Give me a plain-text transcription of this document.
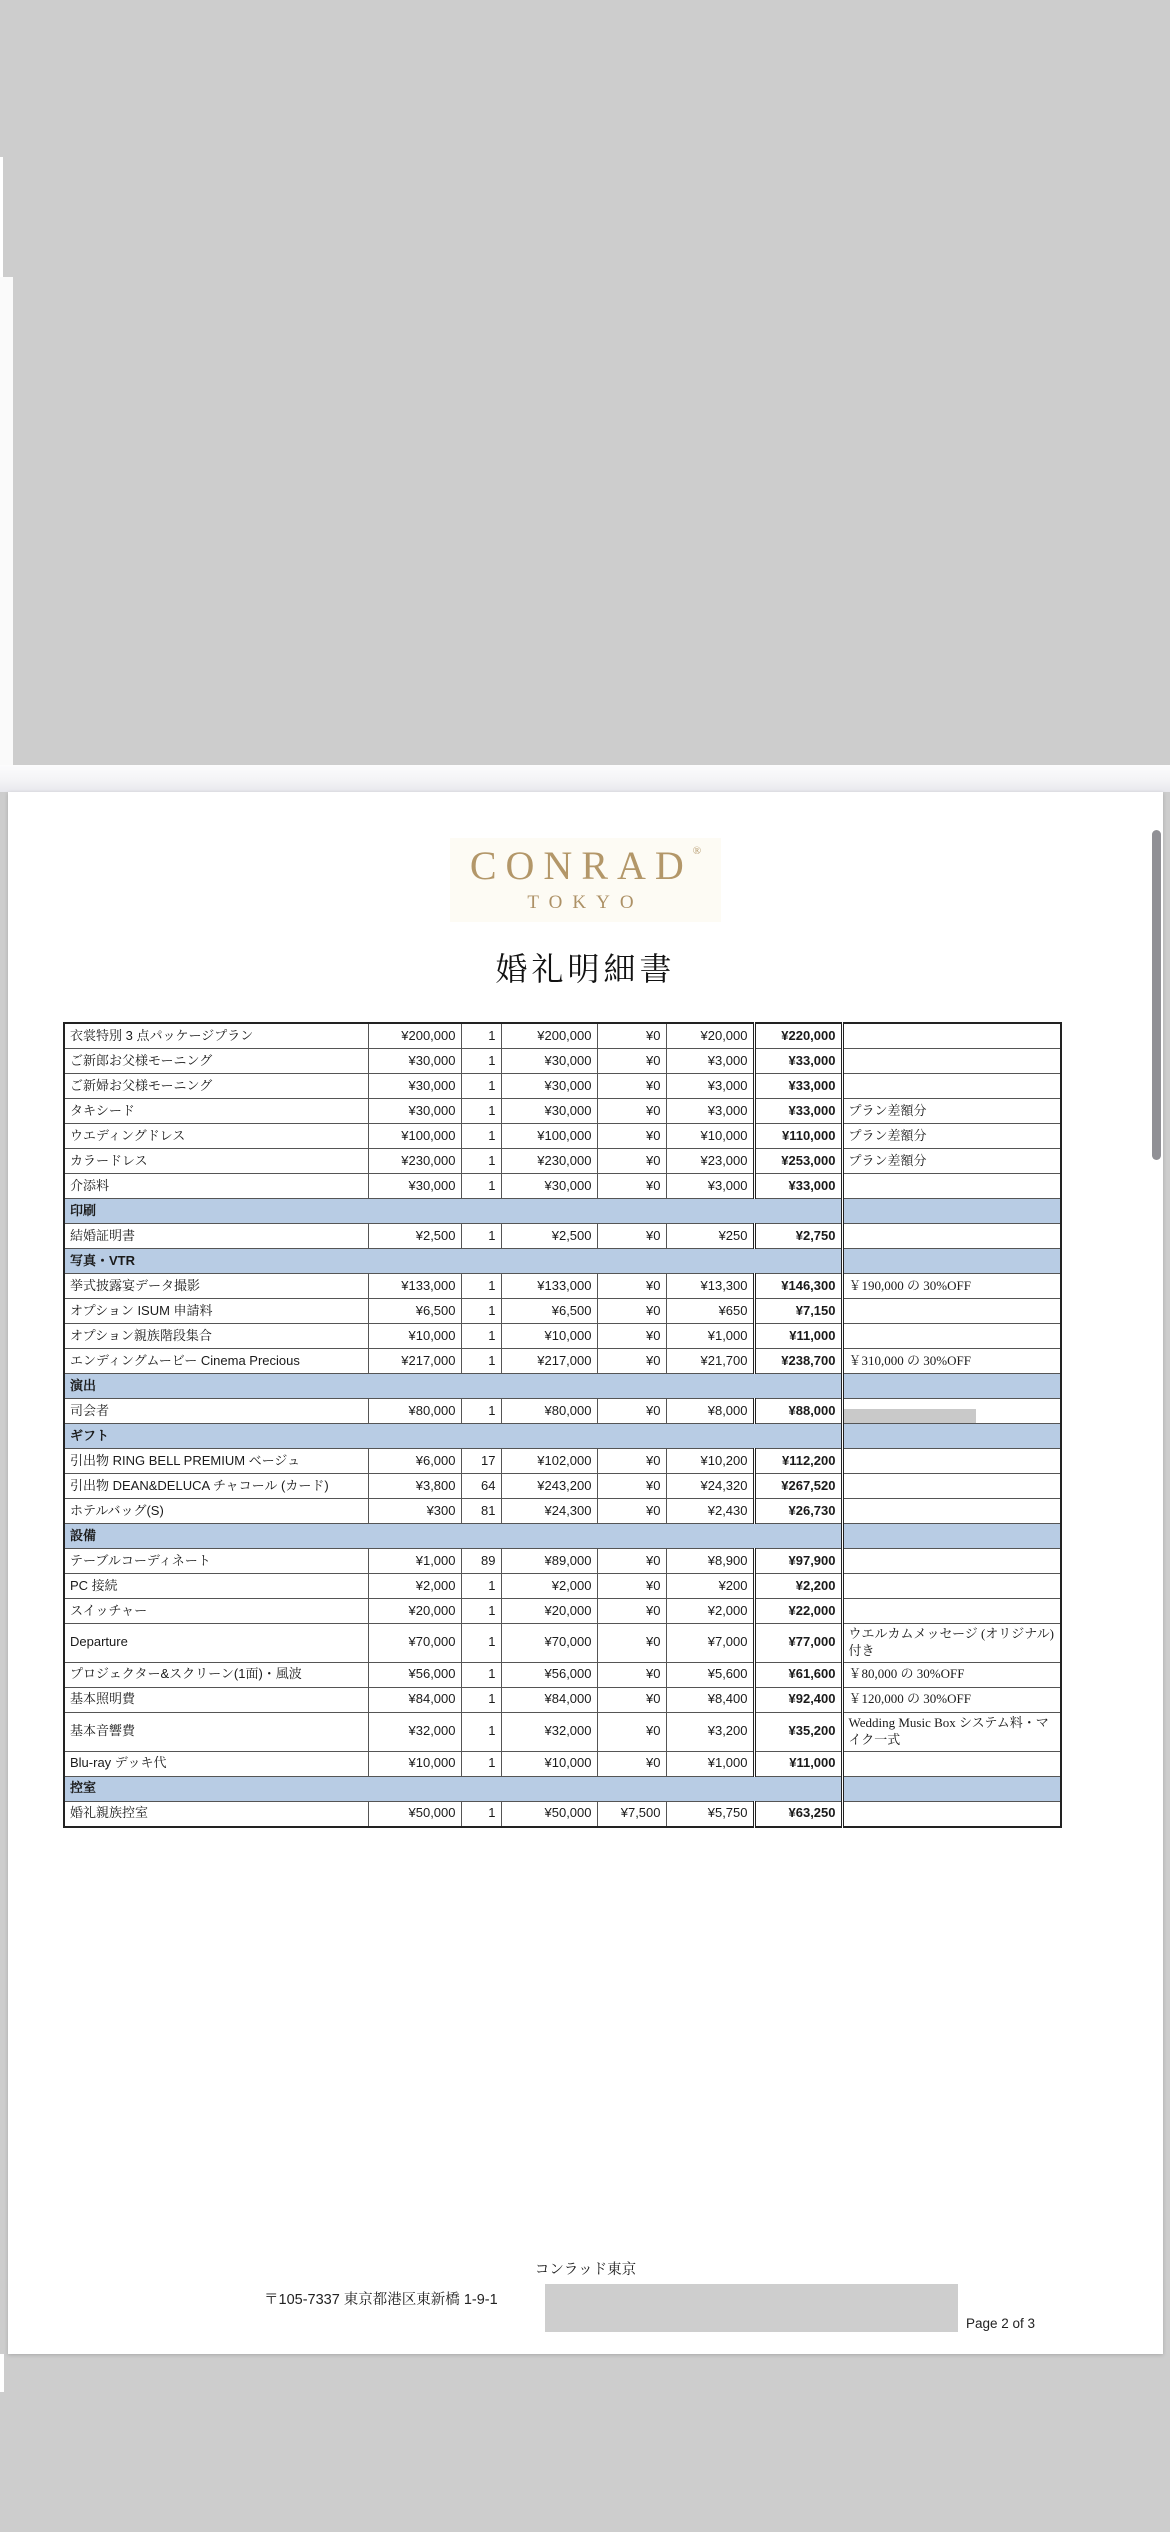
CONRAD®
TOKYO
婚礼明細書
衣裳特別 3 点パッケージプラン	¥200,000	1	¥200,000	¥0	¥20,000	¥220,000	
ご新郎お父様モーニング	¥30,000	1	¥30,000	¥0	¥3,000	¥33,000	
ご新婦お父様モーニング	¥30,000	1	¥30,000	¥0	¥3,000	¥33,000	
タキシード	¥30,000	1	¥30,000	¥0	¥3,000	¥33,000	プラン差額分
ウエディングドレス	¥100,000	1	¥100,000	¥0	¥10,000	¥110,000	プラン差額分
カラードレス	¥230,000	1	¥230,000	¥0	¥23,000	¥253,000	プラン差額分
介添料	¥30,000	1	¥30,000	¥0	¥3,000	¥33,000	
印刷							
結婚証明書	¥2,500	1	¥2,500	¥0	¥250	¥2,750	
写真・VTR							
挙式披露宴データ撮影	¥133,000	1	¥133,000	¥0	¥13,300	¥146,300	￥190,000 の 30%OFF
オプション ISUM 申請料	¥6,500	1	¥6,500	¥0	¥650	¥7,150	
オプション親族階段集合	¥10,000	1	¥10,000	¥0	¥1,000	¥11,000	
エンディングムービー Cinema Precious	¥217,000	1	¥217,000	¥0	¥21,700	¥238,700	￥310,000 の 30%OFF
演出							
司会者	¥80,000	1	¥80,000	¥0	¥8,000	¥88,000	

ギフト							
引出物 RING BELL PREMIUM ベージュ	¥6,000	17	¥102,000	¥0	¥10,200	¥112,200	
引出物 DEAN&DELUCA チャコール (カード)	¥3,800	64	¥243,200	¥0	¥24,320	¥267,520	
ホテルバッグ(S)	¥300	81	¥24,300	¥0	¥2,430	¥26,730	
設備							
テーブルコーディネート	¥1,000	89	¥89,000	¥0	¥8,900	¥97,900	
PC 接続	¥2,000	1	¥2,000	¥0	¥200	¥2,200	
スイッチャー	¥20,000	1	¥20,000	¥0	¥2,000	¥22,000	
Departure	¥70,000	1	¥70,000	¥0	¥7,000	¥77,000	ウエルカムメッセージ (オリジナル)付き
プロジェクター&スクリーン(1面)・風波	¥56,000	1	¥56,000	¥0	¥5,600	¥61,600	￥80,000 の 30%OFF
基本照明費	¥84,000	1	¥84,000	¥0	¥8,400	¥92,400	￥120,000 の 30%OFF
基本音響費	¥32,000	1	¥32,000	¥0	¥3,200	¥35,200	Wedding Music Box システム料・マイク一式
Blu-ray デッキ代	¥10,000	1	¥10,000	¥0	¥1,000	¥11,000	
控室							
婚礼親族控室	¥50,000	1	¥50,000	¥7,500	¥5,750	¥63,250	
コンラッド東京
〒105-7337 東京都港区東新橋 1-9-1
Page 2 of 3
